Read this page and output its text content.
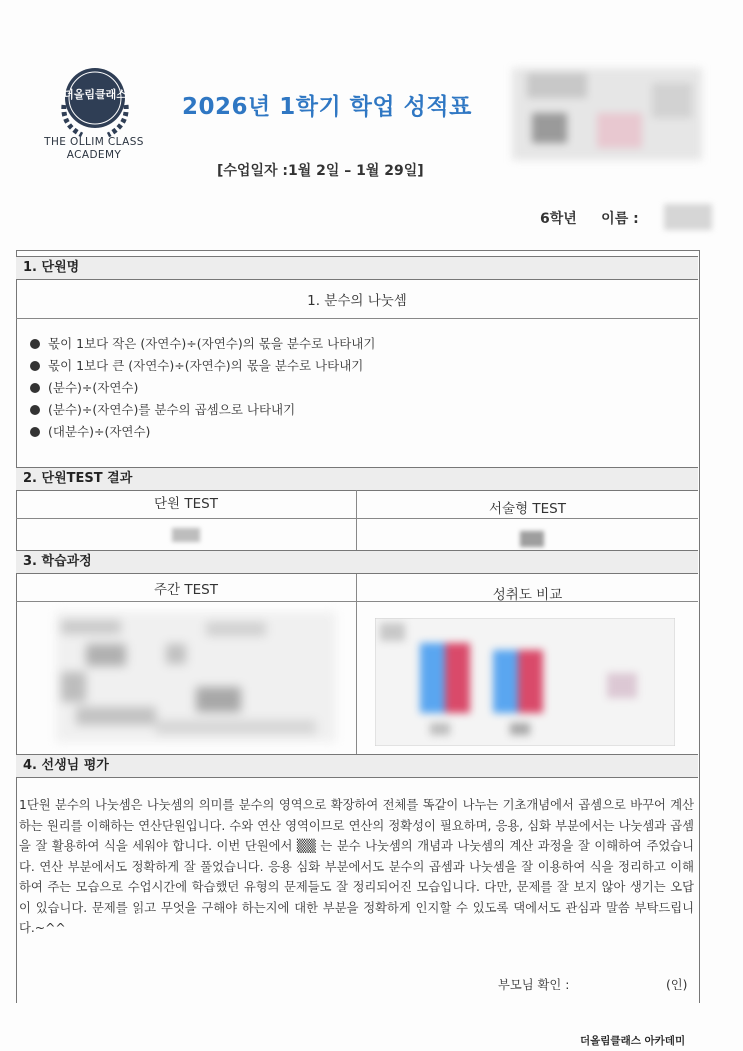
더올림클래스
THE OLLIM CLASS
ACADEMY
2026년 1학기 학업 성적표
[수업일자 :1월 2일 – 1월 29일]
6학년 이름 :
1. 단원명
1. 분수의 나눗셈
몫이 1보다 작은 (자연수)÷(자연수)의 몫을 분수로 나타내기
몫이 1보다 큰 (자연수)÷(자연수)의 몫을 분수로 나타내기
(분수)÷(자연수)
(분수)÷(자연수)를 분수의 곱셈으로 나타내기
(대분수)÷(자연수)
2. 단원TEST 결과
단원 TEST	서술형 TEST
3. 학습과정
주간 TEST	성취도 비교
4. 선생님 평가
1단원 분수의 나눗셈은 나눗셈의 의미를 분수의 영역으로 확장하여 전체를 똑같이 나누는 기초개념에서 곱셈으로 바꾸어 계산하는 원리를 이해하는 연산단원입니다. 수와 연산 영역이므로 연산의 정확성이 필요하며, 응용, 심화 부분에서는 나눗셈과 곱셈을 잘 활용하여 식을 세워야 합니다. 이번 단원에서 ▒▒ 는 분수 나눗셈의 개념과 나눗셈의 계산 과정을 잘 이해하여 주었습니다. 연산 부분에서도 정확하게 잘 풀었습니다. 응용 심화 부분에서도 분수의 곱셈과 나눗셈을 잘 이용하여 식을 정리하고 이해하여 주는 모습으로 수업시간에 학습했던 유형의 문제들도 잘 정리되어진 모습입니다. 다만, 문제를 잘 보지 않아 생기는 오답이 있습니다. 문제를 읽고 무엇을 구해야 하는지에 대한 부분을 정확하게 인지할 수 있도록 댁에서도 관심과 말씀 부탁드립니다.~^^
부모님 확인 :	(인)
더올림클래스 아카데미
